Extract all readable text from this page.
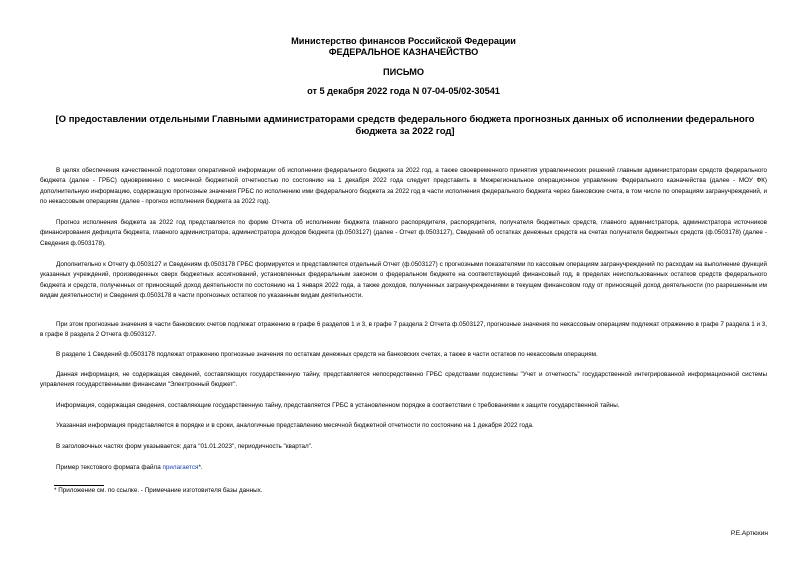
Министерство финансов Российской Федерации
ФЕДЕРАЛЬНОЕ КАЗНАЧЕЙСТВО
ПИСЬМО
от 5 декабря 2022 года N 07-04-05/02-30541
[О предоставлении отдельными Главными администраторами средств федерального бюджета прогнозных данных об исполнении федерального бюджета за 2022 год]
В целях обеспечения качественной подготовки оперативной информации об исполнении федерального бюджета за 2022 год, а также своевременного принятия управленческих решений главным администраторам средств федерального бюджета (далее - ГРБС) одновременно с месячной бюджетной отчетностью по состоянию на 1 декабря 2022 года следует представить в Межрегиональное операционное управление Федерального казначейства (далее - МОУ ФК) дополнительную информацию, содержащую прогнозные значения ГРБС по исполнению ими федерального бюджета за 2022 год в части исполнения федерального бюджета через банковские счета, в том числе по операциям загранучреждений, и по некассовым операциям (далее - прогноз исполнения бюджета за 2022 год).
Прогноз исполнения бюджета за 2022 год представляется по форме Отчета об исполнении бюджета главного распорядителя, распорядителя, получателя бюджетных средств, главного администратора, администратора источников финансирования дефицита бюджета, главного администратора, администратора доходов бюджета (ф.0503127) (далее - Отчет ф.0503127), Сведений об остатках денежных средств на счетах получателя бюджетных средств (ф.0503178) (далее - Сведения ф.0503178).
Дополнительно к Отчету ф.0503127 и Сведениям ф.0503178 ГРБС формируется и представляется отдельный Отчет (ф.0503127) с прогнозными показателями по кассовым операциям загранучреждений по расходам на выполнение функций указанных учреждений, произведенных сверх бюджетных ассигнований, установленных федеральным законом о федеральном бюджете на соответствующий финансовый год, в пределах неиспользованных остатков средств федерального бюджета и средств, полученных от приносящей доход деятельности по состоянию на 1 января 2022 года, а также доходов, полученных загранучреждениями в текущем финансовом году от приносящей доход деятельности (по разрешенным им видам деятельности) и Сведения ф.0503178 в части прогнозных остатков по указанным видам деятельности.
При этом прогнозные значения в части банковских счетов подлежат отражению в графе 6 разделов 1 и 3, в графе 7 раздела 2 Отчета ф.0503127, прогнозные значения по некассовым операциям подлежат отражению в графе 7 раздела 1 и 3, в графе 8 раздела 2 Отчета ф.0503127.
В разделе 1 Сведений ф.0503178 подлежат отражению прогнозные значения по остаткам денежных средств на банковских счетах, а также в части остатков по некассовым операциям.
Данная информация, не содержащая сведений, составляющих государственную тайну, представляется непосредственно ГРБС средствами подсистемы "Учет и отчетность" государственной интегрированной информационной системы управления государственными финансами "Электронный бюджет".
Информация, содержащая сведения, составляющие государственную тайну, представляется ГРБС в установленном порядке в соответствии с требованиями к защите государственной тайны.
Указанная информация представляется в порядке и в сроки, аналогичные представлению месячной бюджетной отчетности по состоянию на 1 декабря 2022 года.
В заголовочных частях форм указывается: дата "01.01.2023", периодичность "квартал".
Пример текстового формата файла прилагается*.
* Приложение см. по ссылке. - Примечание изготовителя базы данных.
Р.Е.Артюхин
